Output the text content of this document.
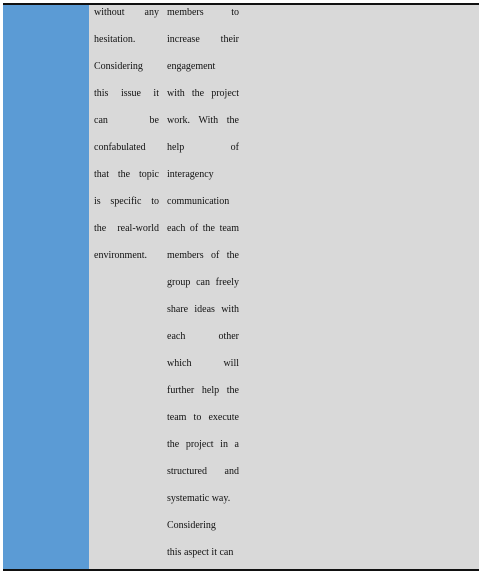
without any
hesitation.
Considering
this issue it
can be
confabulated
that the topic
is specific to
the real-world
environment.
members to
increase their
engagement
with the project
work. With the
help of
interagency
communication
each of the team
members of the
group can freely
share ideas with
each other
which will
further help the
team to execute
the project in a
structured and
systematic way.
Considering
this aspect it can
